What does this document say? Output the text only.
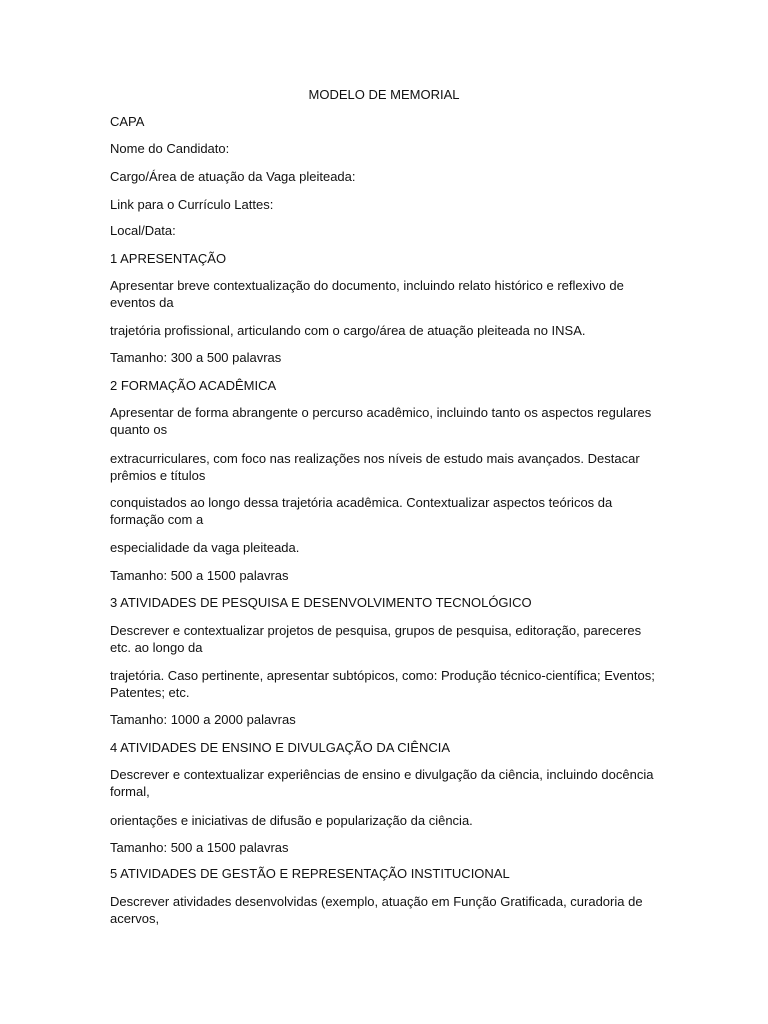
MODELO DE MEMORIAL
CAPA
Nome do Candidato:
Cargo/Área de atuação da Vaga pleiteada:
Link para o Currículo Lattes:
Local/Data:
1 APRESENTAÇÃO
Apresentar breve contextualização do documento, incluindo relato histórico e reflexivo de eventos da
trajetória profissional, articulando com o cargo/área de atuação pleiteada no INSA.
Tamanho: 300 a 500 palavras
2 FORMAÇÃO ACADÊMICA
Apresentar de forma abrangente o percurso acadêmico, incluindo tanto os aspectos regulares quanto os
extracurriculares, com foco nas realizações nos níveis de estudo mais avançados. Destacar prêmios e títulos
conquistados ao longo dessa trajetória acadêmica. Contextualizar aspectos teóricos da formação com a
especialidade da vaga pleiteada.
Tamanho: 500 a 1500 palavras
3 ATIVIDADES DE PESQUISA E DESENVOLVIMENTO TECNOLÓGICO
Descrever e contextualizar projetos de pesquisa, grupos de pesquisa, editoração, pareceres etc. ao longo da
trajetória. Caso pertinente, apresentar subtópicos, como: Produção técnico-científica; Eventos; Patentes; etc.
Tamanho: 1000 a 2000 palavras
4 ATIVIDADES DE ENSINO E DIVULGAÇÃO DA CIÊNCIA
Descrever e contextualizar experiências de ensino e divulgação da ciência, incluindo docência formal,
orientações e iniciativas de difusão e popularização da ciência.
Tamanho: 500 a 1500 palavras
5 ATIVIDADES DE GESTÃO E REPRESENTAÇÃO INSTITUCIONAL
Descrever atividades desenvolvidas (exemplo, atuação em Função Gratificada, curadoria de acervos,
